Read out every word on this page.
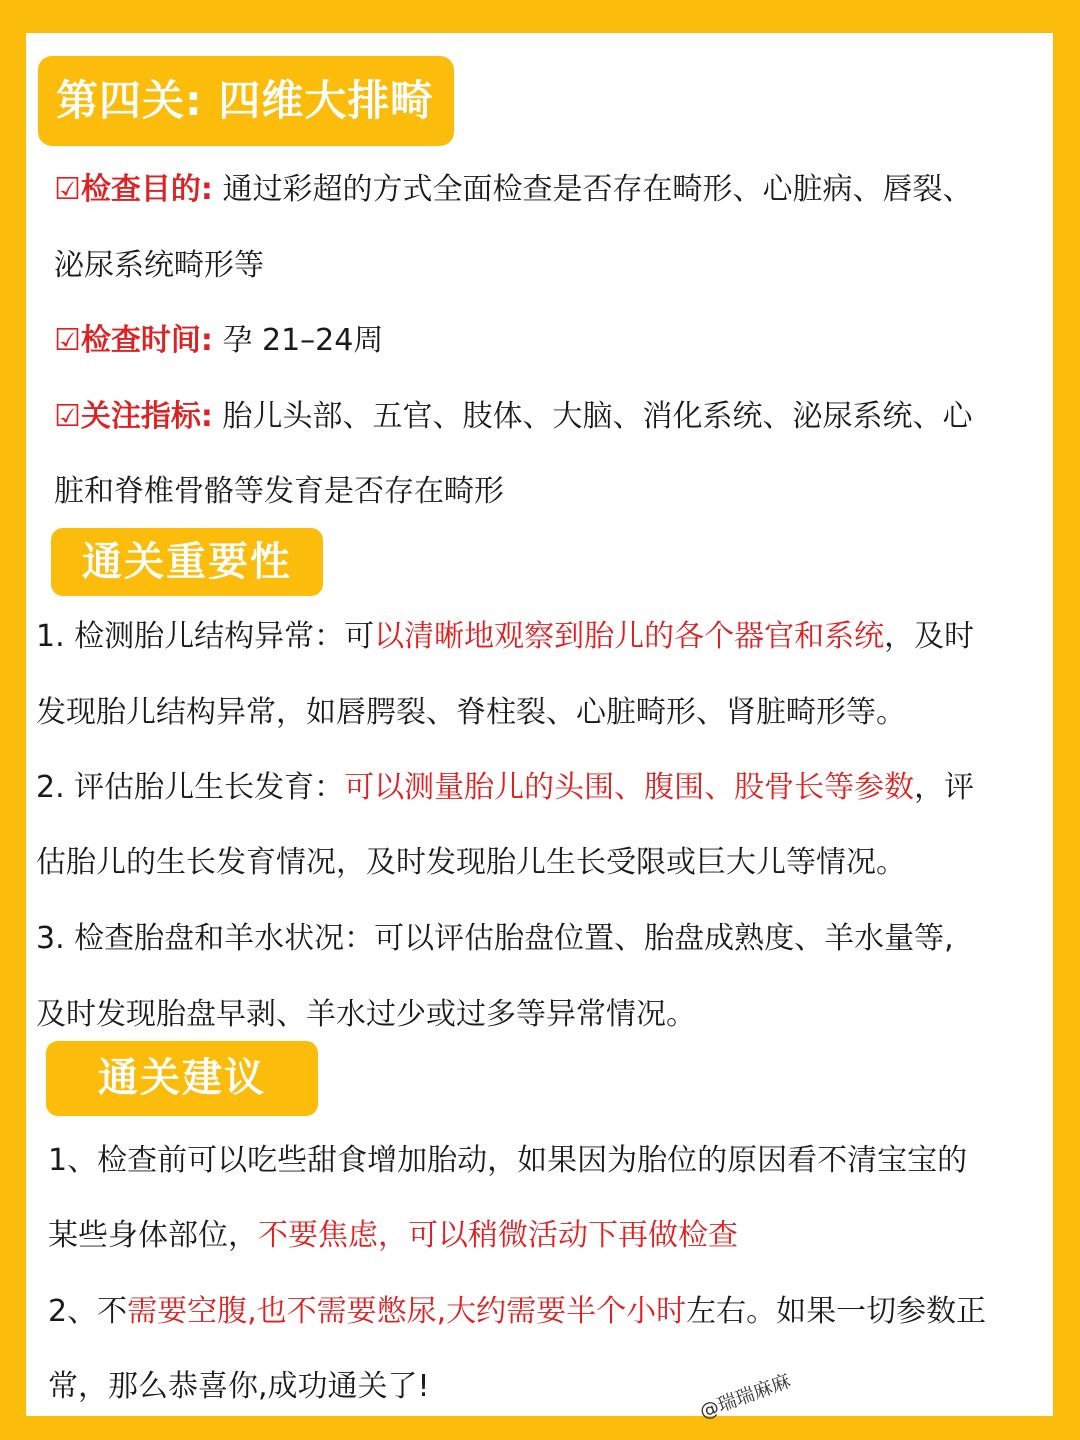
第四关: 四维大排畸
☑检查目的: 通过彩超的方式全面检查是否存在畸形、心脏病、唇裂、
泌尿系统畸形等
☑检查时间: 孕 21–24周
☑关注指标: 胎儿头部、五官、肢体、大脑、消化系统、泌尿系统、心
脏和脊椎骨骼等发育是否存在畸形
通关重要性
1. 检测胎儿结构异常：可以清晰地观察到胎儿的各个器官和系统，及时
发现胎儿结构异常，如唇腭裂、脊柱裂、心脏畸形、肾脏畸形等。
2. 评估胎儿生长发育：可以测量胎儿的头围、腹围、股骨长等参数，评
估胎儿的生长发育情况，及时发现胎儿生长受限或巨大儿等情况。
3. 检查胎盘和羊水状况：可以评估胎盘位置、胎盘成熟度、羊水量等,
及时发现胎盘早剥、羊水过少或过多等异常情况。
通关建议
1、检查前可以吃些甜食增加胎动，如果因为胎位的原因看不清宝宝的
某些身体部位，不要焦虑，可以稍微活动下再做检查
2、不需要空腹,也不需要憋尿,大约需要半个小时左右。如果一切参数正
常，那么恭喜你,成功通关了!	@瑞瑞麻麻
